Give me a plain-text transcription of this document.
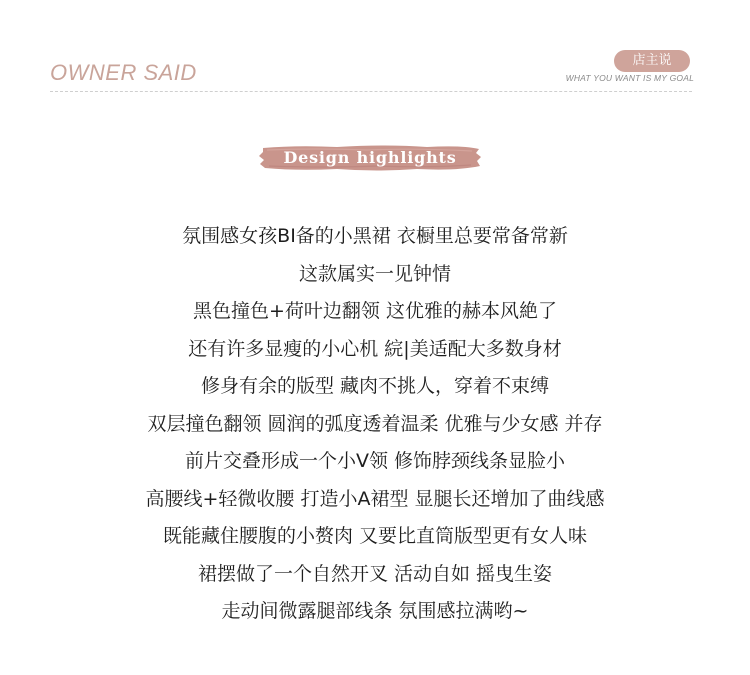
OWNER SAID	店主说
WHAT YOU WANT IS MY GOAL
Design highlights
氛围感女孩BI备的小黑裙 衣橱里总要常备常新
这款属实一见钟情
黑色撞色+荷叶边翻领 这优雅的赫本风絶了
还有许多显瘦的小心机 綄|美适配大多数身材
修身有余的版型 藏肉不挑人，穿着不束缚
双层撞色翻领 圆润的弧度透着温柔 优雅与少女感 并存
前片交叠形成一个小V领 修饰脖颈线条显脸小
高腰线+轻微收腰 打造小A裙型 显腿长还增加了曲线感
既能藏住腰腹的小赘肉 又要比直筒版型更有女人味
裙摆做了一个自然开叉 活动自如 摇曳生姿
走动间微露腿部线条 氛围感拉满哟~
